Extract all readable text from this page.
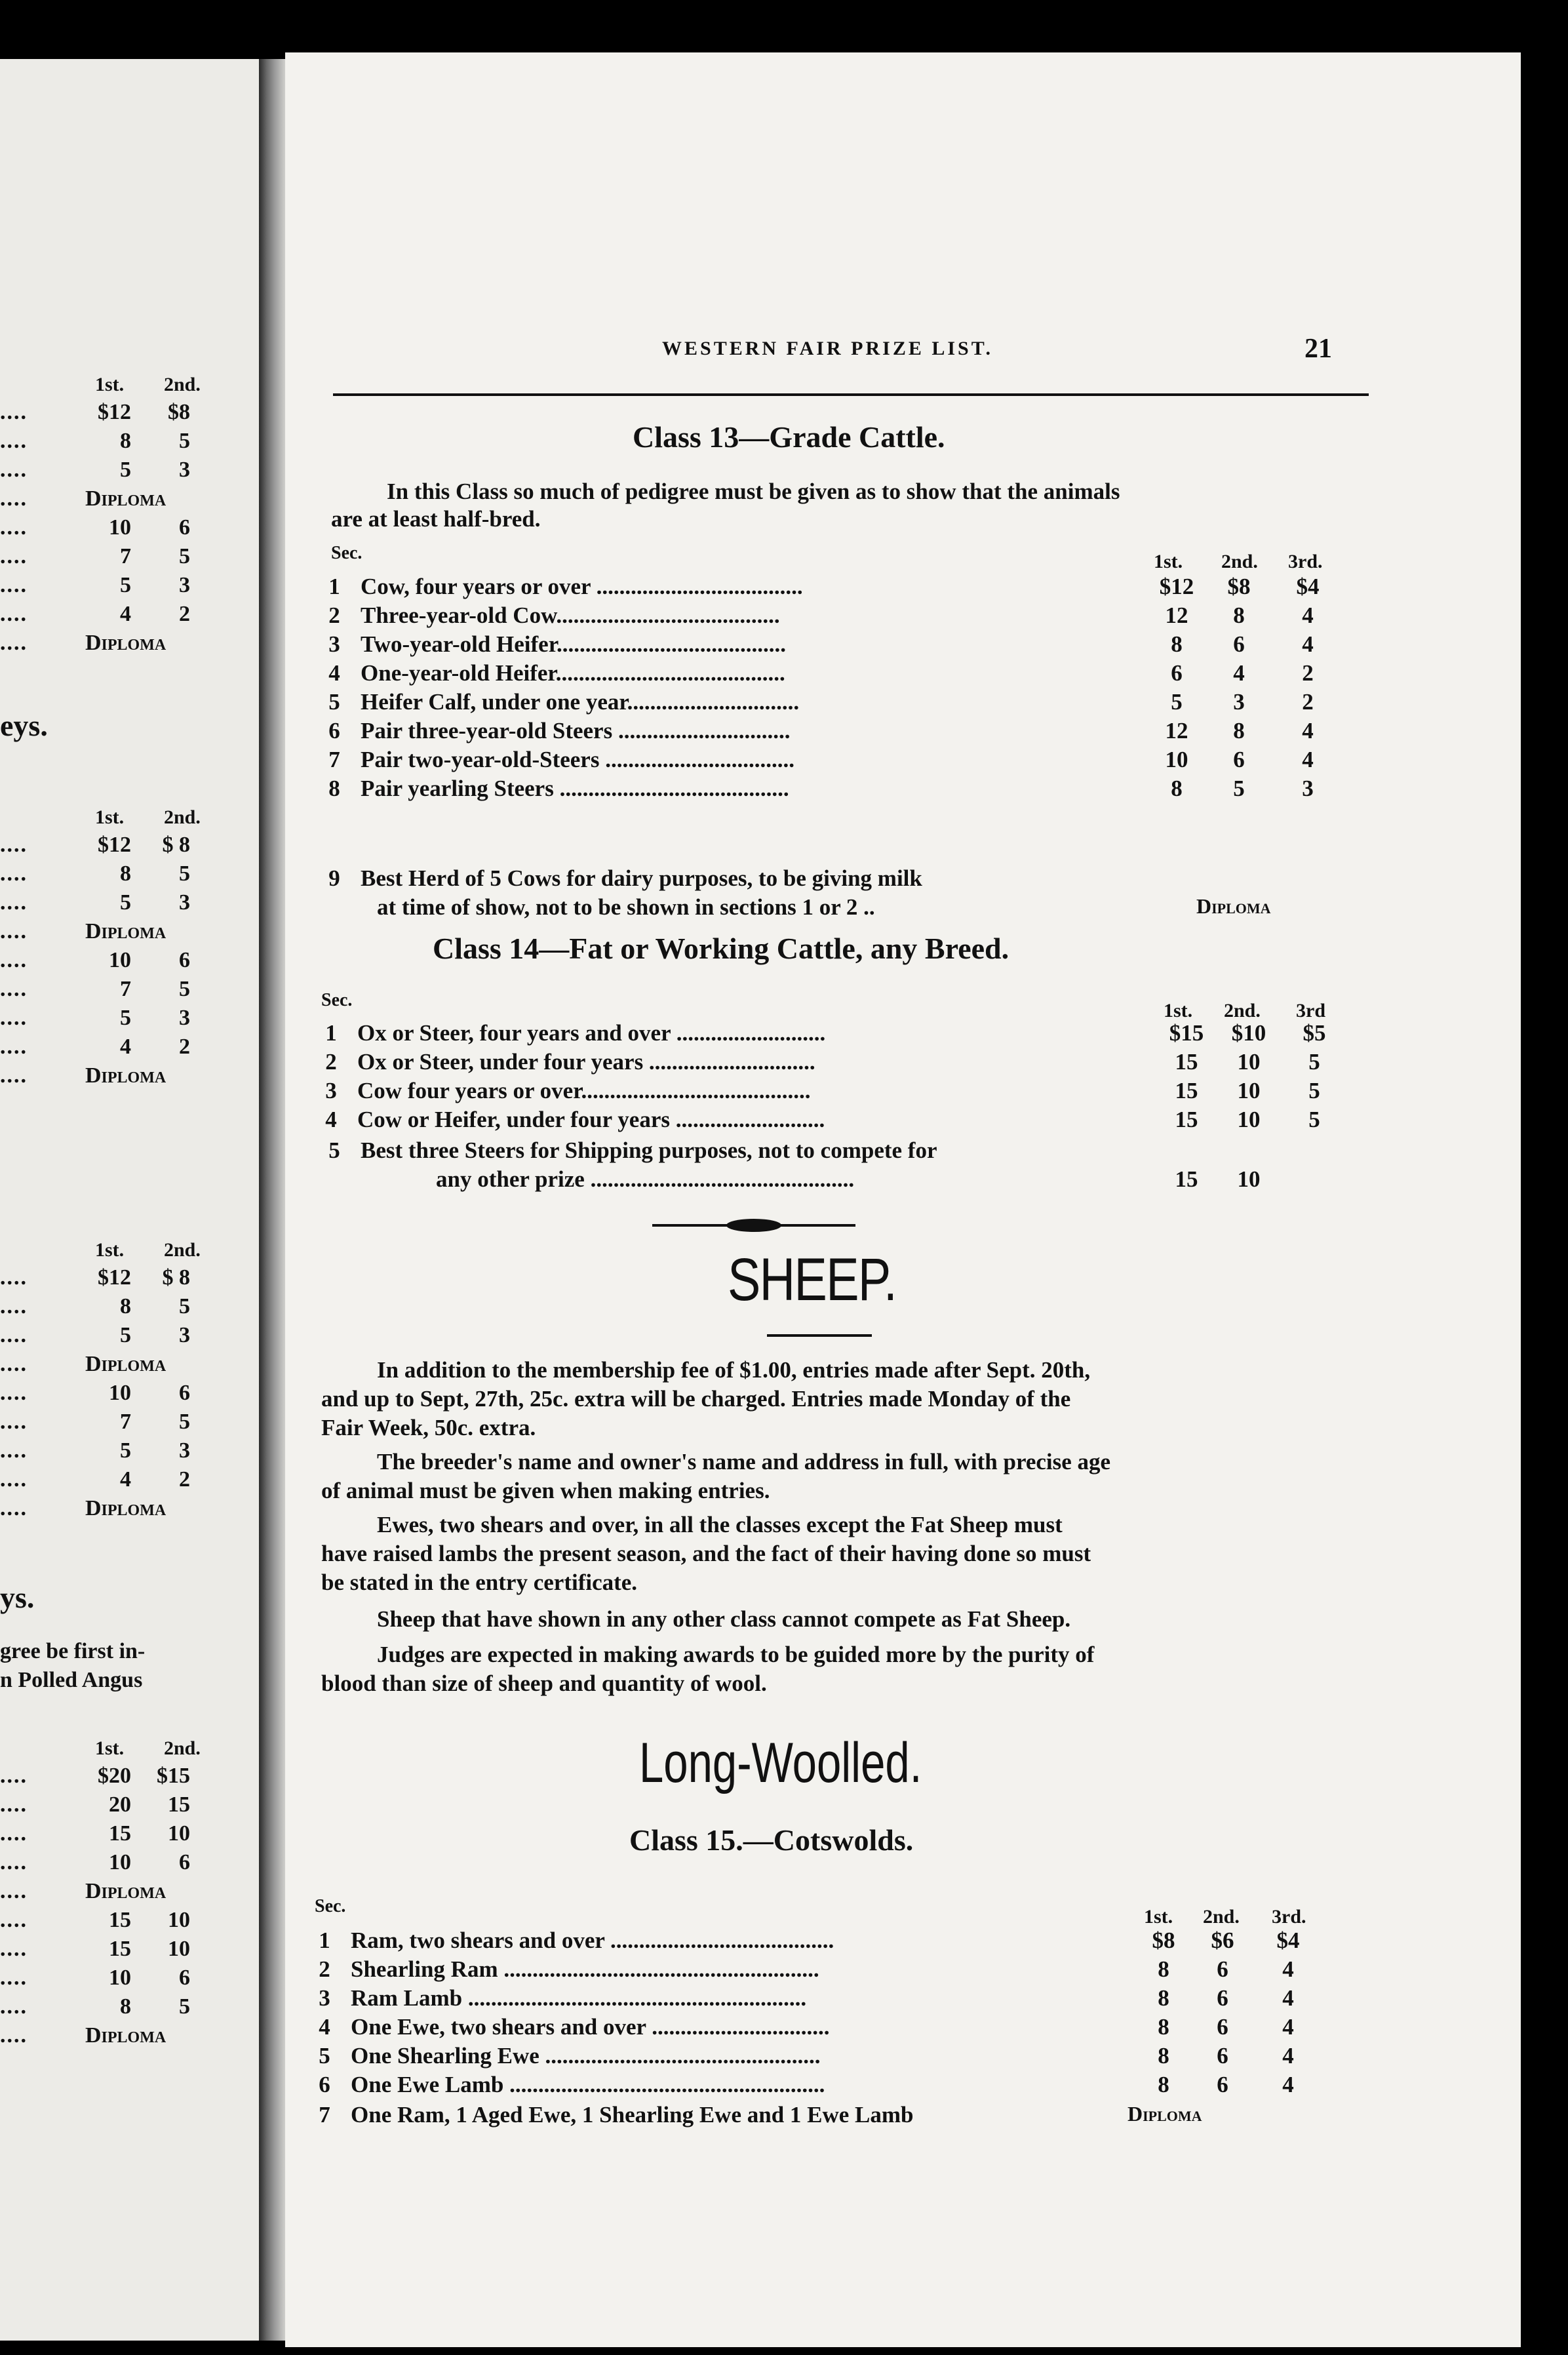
1st. 2nd.
....	$12 $8
....	8 5
....	5 3
....	Diploma
....	10 6
....	7 5
....	5 3
....	4 2
....	Diploma
eys.
1st. 2nd.
....	$12 $ 8
....	8 5
....	5 3
....	Diploma
....	10 6
....	7 5
....	5 3
....	4 2
....	Diploma
1st. 2nd.
....	$12 $ 8
....	8 5
....	5 3
....	Diploma
....	10 6
....	7 5
....	5 3
....	4 2
....	Diploma
ys.
gree be first in-
n Polled Angus
1st. 2nd.
....	$20 $15
....	20 15
....	15 10
....	10 6
....	Diploma
....	15 10
....	15 10
....	10 6
....	8 5
....	Diploma
WESTERN FAIR PRIZE LIST.	21
Class 13—Grade Cattle.
In this Class so much of pedigree must be given as to show that the animals
are at least half-bred.
Sec.	1st. 2nd. 3rd.
1 Cow, four years or over ....................................	$12	$8	$4
2 Three-year-old Cow.......................................	12	8	4
3 Two-year-old Heifer........................................	8	6	4
4 One-year-old Heifer........................................	6	4	2
5 Heifer Calf, under one year..............................	5	3	2
6 Pair three-year-old Steers ..............................	12	8	4
7 Pair two-year-old-Steers .................................	10	6	4
8 Pair yearling Steers ........................................	8	5	3
9 Best Herd of 5 Cows for dairy purposes, to be giving milk
at time of show, not to be shown in sections 1 or 2 ..	Diploma
Class 14—Fat or Working Cattle, any Breed.
Sec.	1st. 2nd. 3rd
1 Ox or Steer, four years and over ..........................	$15	$10	$5
2 Ox or Steer, under four years .............................	15	10	5
3 Cow four years or over........................................	15	10	5
4 Cow or Heifer, under four years ..........................	15	10	5
5 Best three Steers for Shipping purposes, not to compete for
any other prize ..............................................	15	10
SHEEP.
In addition to the membership fee of $1.00, entries made after Sept. 20th,
and up to Sept, 27th, 25c. extra will be charged. Entries made Monday of the
Fair Week, 50c. extra.
The breeder's name and owner's name and address in full, with precise age
of animal must be given when making entries.
Ewes, two shears and over, in all the classes except the Fat Sheep must
have raised lambs the present season, and the fact of their having done so must
be stated in the entry certificate.
Sheep that have shown in any other class cannot compete as Fat Sheep.
Judges are expected in making awards to be guided more by the purity of
blood than size of sheep and quantity of wool.
Long-Woolled.
Class 15.—Cotswolds.
Sec.	1st. 2nd. 3rd.
1 Ram, two shears and over .......................................	$8	$6	$4
2 Shearling Ram .......................................................	8	6	4
3 Ram Lamb ...........................................................	8	6	4
4 One Ewe, two shears and over ...............................	8	6	4
5 One Shearling Ewe ................................................	8	6	4
6 One Ewe Lamb .......................................................	8	6	4
7 One Ram, 1 Aged Ewe, 1 Shearling Ewe and 1 Ewe Lamb	Diploma
